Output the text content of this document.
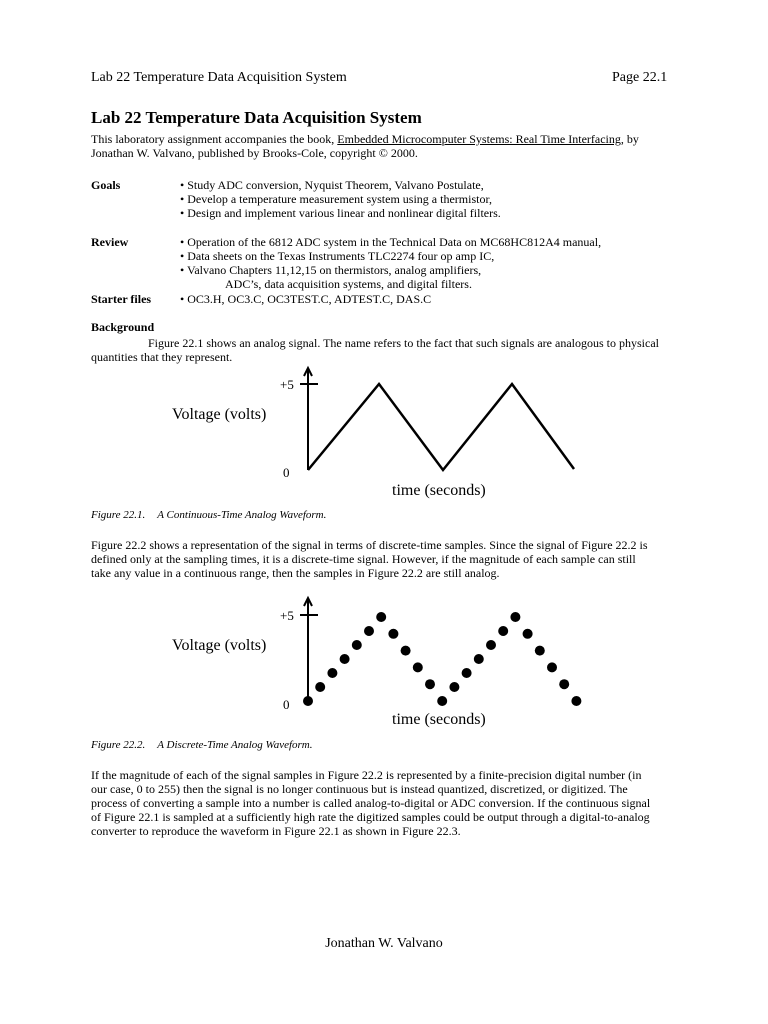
Lab 22 Temperature Data Acquisition System	Page 22.1
Lab 22 Temperature Data Acquisition System
This laboratory assignment accompanies the book, Embedded Microcomputer Systems: Real Time Interfacing, by
Jonathan W. Valvano, published by Brooks-Cole, copyright © 2000.
Goals	• Study ADC conversion, Nyquist Theorem, Valvano Postulate,
• Develop a temperature measurement system using a thermistor,
• Design and implement various linear and nonlinear digital filters.
Review	• Operation of the 6812 ADC system in the Technical Data on MC68HC812A4 manual,
• Data sheets on the Texas Instruments TLC2274 four op amp IC,
• Valvano Chapters 11,12,15 on thermistors, analog amplifiers,
ADC’s, data acquisition systems, and digital filters.
Starter files • OC3.H, OC3.C, OC3TEST.C, ADTEST.C, DAS.C
Background
Figure 22.1 shows an analog signal. The name refers to the fact that such signals are analogous to physical
quantities that they represent.
+5
0
Voltage (volts)
time (seconds)
Figure 22.1. A Continuous-Time Analog Waveform.
Figure 22.2 shows a representation of the signal in terms of discrete-time samples. Since the signal of Figure 22.2 is
defined only at the sampling times, it is a discrete-time signal. However, if the magnitude of each sample can still
take any value in a continuous range, then the samples in Figure 22.2 are still analog.
+5
0
Voltage (volts)
time (seconds)
Figure 22.2. A Discrete-Time Analog Waveform.
If the magnitude of each of the signal samples in Figure 22.2 is represented by a finite-precision digital number (in
our case, 0 to 255) then the signal is no longer continuous but is instead quantized, discretized, or digitized. The
process of converting a sample into a number is called analog-to-digital or ADC conversion. If the continuous signal
of Figure 22.1 is sampled at a sufficiently high rate the digitized samples could be output through a digital-to-analog
converter to reproduce the waveform in Figure 22.1 as shown in Figure 22.3.
Jonathan W. Valvano
